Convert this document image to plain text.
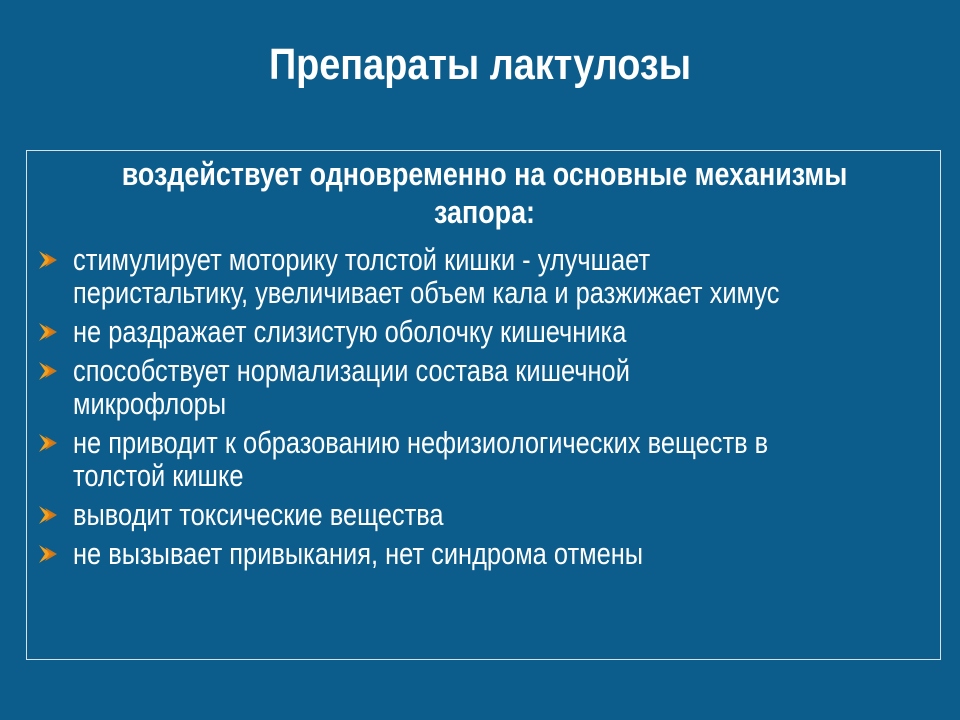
Препараты лактулозы
воздействует одновременно на основные механизмы запора:
стимулирует моторику толстой кишки - улучшает
перистальтику, увеличивает объем кала и разжижает химус
не раздражает слизистую оболочку кишечника
способствует нормализации состава кишечной
микрофлоры
не приводит к образованию нефизиологических веществ в
толстой кишке
выводит токсические вещества
не вызывает привыкания, нет синдрома отмены
